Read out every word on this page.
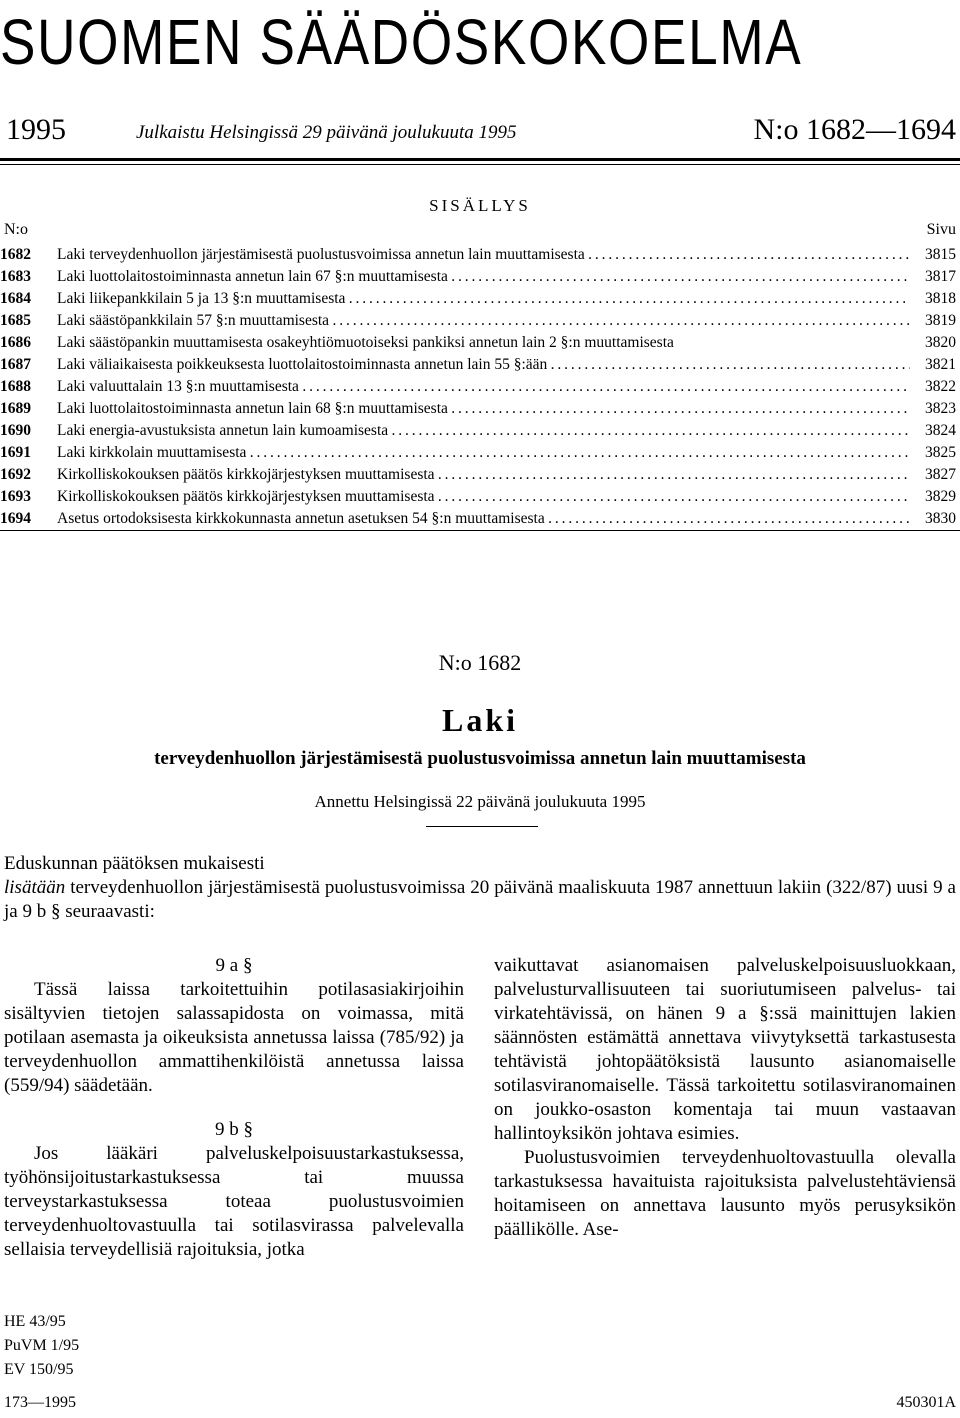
SUOMEN SÄÄDÖSKOKOELMA
1995	Julkaistu Helsingissä 29 päivänä joulukuuta 1995	N:o 1682—1694
SISÄLLYS
N:o	Sivu
1682 Laki terveydenhuollon järjestämisestä puolustusvoimissa annetun lain muuttamisesta . . .	3815
1683 Laki luottolaitostoiminnasta annetun lain 67 §:n muuttamisesta . . .	3817
1684 Laki liikepankkilain 5 ja 13 §:n muuttamisesta . . .	3818
1685 Laki säästöpankkilain 57 §:n muuttamisesta . . .	3819
1686 Laki säästöpankin muuttamisesta osakeyhtiömuotoiseksi pankiksi annetun lain 2 §:n muuttamisesta	3820
1687 Laki väliaikaisesta poikkeuksesta luottolaitostoiminnasta annetun lain 55 §:ään . . .	3821
1688 Laki valuuttalain 13 §:n muuttamisesta . . .	3822
1689 Laki luottolaitostoiminnasta annetun lain 68 §:n muuttamisesta . . .	3823
1690 Laki energia-avustuksista annetun lain kumoamisesta . . .	3824
1691 Laki kirkkolain muuttamisesta . . .	3825
1692 Kirkolliskokouksen päätös kirkkojärjestyksen muuttamisesta . . .	3827
1693 Kirkolliskokouksen päätös kirkkojärjestyksen muuttamisesta . . .	3829
1694 Asetus ortodoksisesta kirkkokunnasta annetun asetuksen 54 §:n muuttamisesta . . .	3830
N:o 1682
Laki
terveydenhuollon järjestämisestä puolustusvoimissa annetun lain muuttamisesta
Annettu Helsingissä 22 päivänä joulukuuta 1995

Eduskunnan päätöksen mukaisesti

lisätään terveydenhuollon järjestämisestä puolustusvoimissa 20 päivänä maaliskuuta 1987 annettuun lakiin (322/87) uusi 9 a ja 9 b § seuraavasti:

9 a §

Tässä laissa tarkoitettuihin potilasasiakirjoihin sisältyvien tietojen salassapidosta on voimassa, mitä potilaan asemasta ja oikeuksista annetussa laissa (785/92) ja terveydenhuollon ammattihenkilöistä annetussa laissa (559/94) säädetään.

9 b §

Jos lääkäri palveluskelpoisuustarkastuksessa, työhönsijoitustarkastuksessa tai muussa terveystarkastuksessa toteaa puolustusvoimien terveydenhuoltovastuulla tai sotilasvirassa palvelevalla sellaisia terveydellisiä rajoituksia, jotka

vaikuttavat asianomaisen palveluskelpoisuusluokkaan, palvelusturvallisuuteen tai suoriutumiseen palvelus- tai virkatehtävissä, on hänen 9 a §:ssä mainittujen lakien säännösten estämättä annettava viivytyksettä tarkastusesta tehtävistä johtopäätöksistä lausunto asianomaiselle sotilasviranomaiselle. Tässä tarkoitettu sotilasviranomainen on joukko-osaston komentaja tai muun vastaavan hallintoyksikön johtava esimies.

Puolustusvoimien terveydenhuoltovastuulla olevalla tarkastuksessa havaituista rajoituksista palvelustehtäviensä hoitamiseen on annettava lausunto myös perusyksikön päällikölle. Ase-

HE 43/95
PuVM 1/95
EV 150/95
173—1995	450301A
